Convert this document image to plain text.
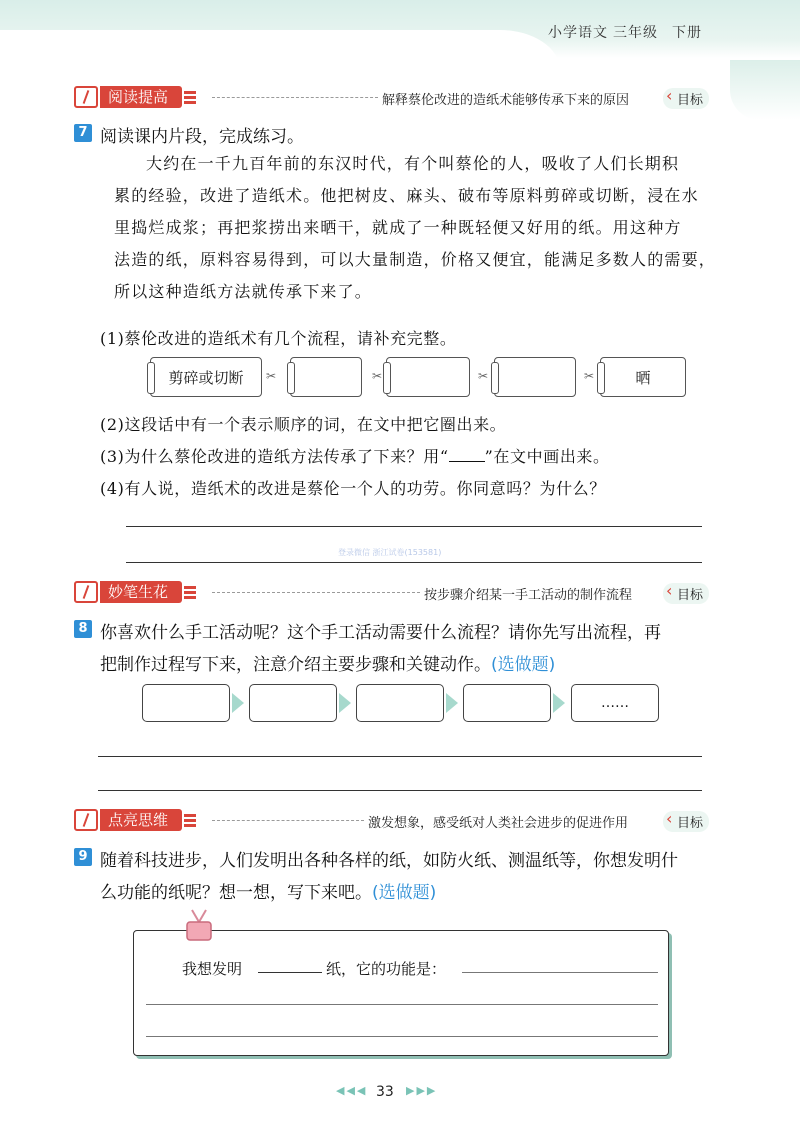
小学语文 三年级 下册
阅读提高	解释蔡伦改进的造纸术能够传承下来的原因	‹ 目标
7 阅读课内片段，完成练习。
大约在一千九百年前的东汉时代，有个叫蔡伦的人，吸收了人们长期积
累的经验，改进了造纸术。他把树皮、麻头、破布等原料剪碎或切断，浸在水
里捣烂成浆；再把浆捞出来晒干，就成了一种既轻便又好用的纸。用这种方
法造的纸，原料容易得到，可以大量制造，价格又便宜，能满足多数人的需要，
所以这种造纸方法就传承下来了。
(1)蔡伦改进的造纸术有几个流程，请补充完整。
剪碎或切断 ✂	✂	✂	✂	晒
(2)这段话中有一个表示顺序的词，在文中把它圈出来。
(3)为什么蔡伦改进的造纸方法传承了下来？用“ ”在文中画出来。
(4)有人说，造纸术的改进是蔡伦一个人的功劳。你同意吗？为什么？
登录微信 浙江试卷(153581)
妙笔生花	按步骤介绍某一手工活动的制作流程	‹ 目标
8 你喜欢什么手工活动呢？这个手工活动需要什么流程？请你先写出流程，再
把制作过程写下来，注意介绍主要步骤和关键动作。(选做题)
……
点亮思维	激发想象，感受纸对人类社会进步的促进作用	‹ 目标
9 随着科技进步，人们发明出各种各样的纸，如防火纸、测温纸等，你想发明什
么功能的纸呢？想一想，写下来吧。(选做题)
我想发明	纸，它的功能是：
◀◀◀ 33 ▶▶▶
